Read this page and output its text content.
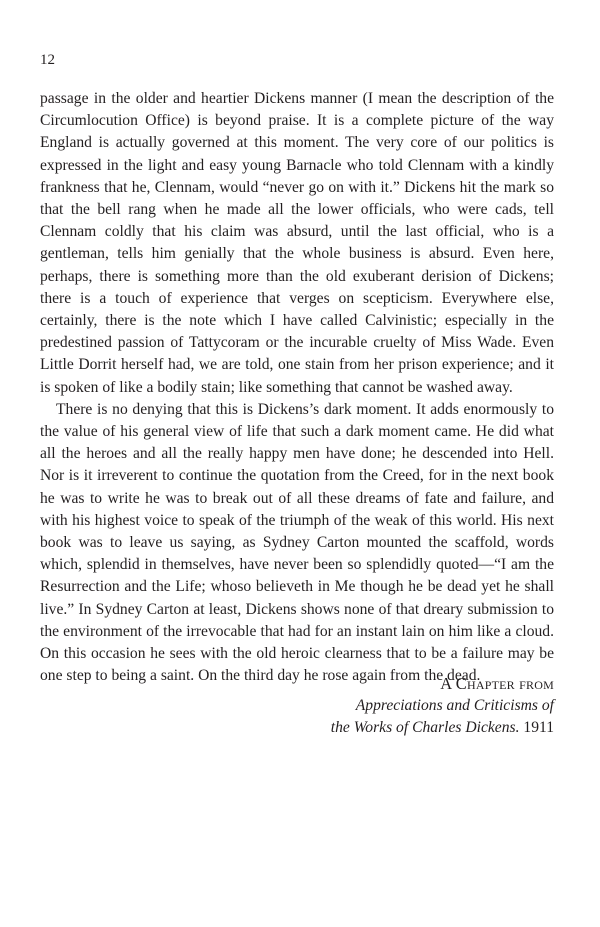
12

passage in the older and heartier Dickens manner (I mean the description of the Circumlocution Office) is beyond praise. It is a complete picture of the way England is actually governed at this moment. The very core of our politics is expressed in the light and easy young Barnacle who told Clennam with a kindly frankness that he, Clennam, would “never go on with it.” Dickens hit the mark so that the bell rang when he made all the lower officials, who were cads, tell Clennam coldly that his claim was absurd, until the last official, who is a gentleman, tells him genially that the whole business is absurd. Even here, perhaps, there is something more than the old exuberant derision of Dickens; there is a touch of experience that verges on scepticism. Everywhere else, certainly, there is the note which I have called Calvinistic; especially in the predestined passion of Tattycoram or the incurable cruelty of Miss Wade. Even Little Dorrit herself had, we are told, one stain from her prison experience; and it is spoken of like a bodily stain; like something that cannot be washed away.

There is no denying that this is Dickens’s dark moment. It adds enormously to the value of his general view of life that such a dark moment came. He did what all the heroes and all the really happy men have done; he descended into Hell. Nor is it irreverent to continue the quotation from the Creed, for in the next book he was to write he was to break out of all these dreams of fate and failure, and with his highest voice to speak of the triumph of the weak of this world. His next book was to leave us saying, as Sydney Carton mounted the scaffold, words which, splendid in themselves, have never been so splendidly quoted—“I am the Resurrection and the Life; whoso believeth in Me though he be dead yet he shall live.” In Sydney Carton at least, Dickens shows none of that dreary submission to the environment of the irrevocable that had for an instant lain on him like a cloud. On this occasion he sees with the old heroic clearness that to be a failure may be one step to being a saint. On the third day he rose again from the dead.

A Chapter from
Appreciations and Criticisms of
the Works of Charles Dickens. 1911
